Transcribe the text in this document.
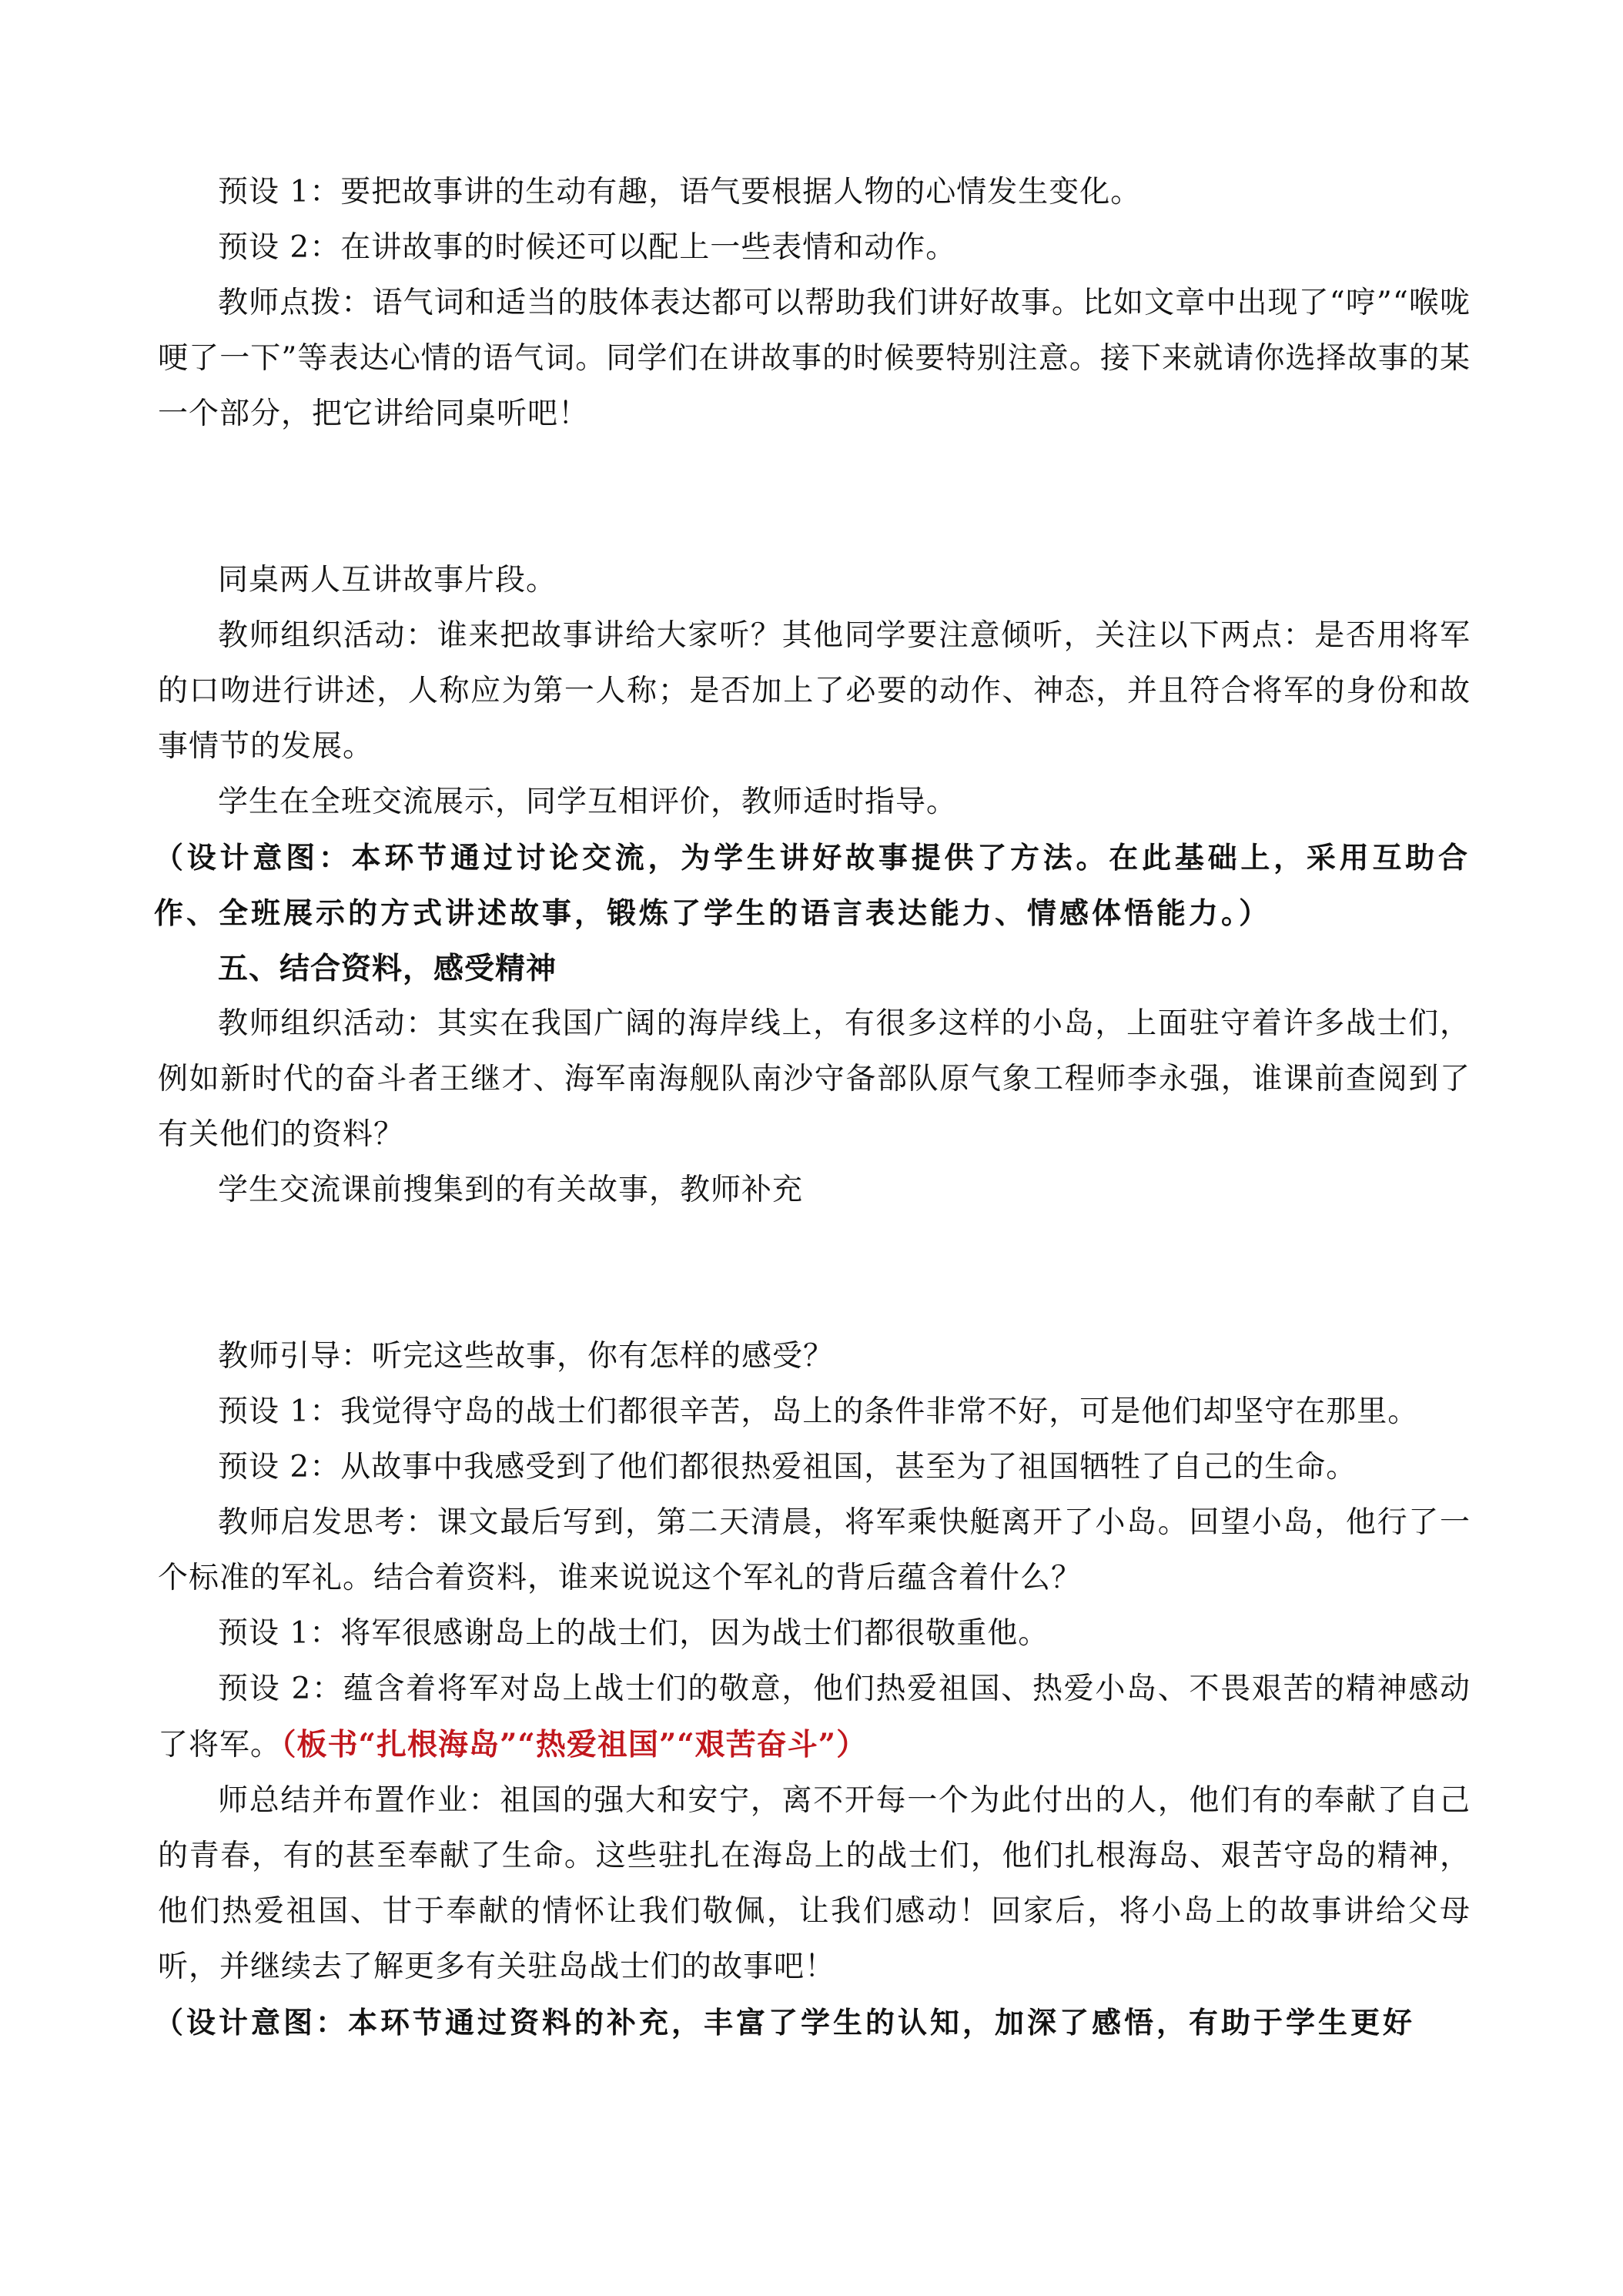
预设 1：要把故事讲的生动有趣，语气要根据人物的心情发生变化。

预设 2：在讲故事的时候还可以配上一些表情和动作。

教师点拨：语气词和适当的肢体表达都可以帮助我们讲好故事。比如文章中出现了“哼”“喉咙哽了一下”等表达心情的语气词。同学们在讲故事的时候要特别注意。接下来就请你选择故事的某一个部分，把它讲给同桌听吧！

同桌两人互讲故事片段。

教师组织活动：谁来把故事讲给大家听？其他同学要注意倾听，关注以下两点：是否用将军的口吻进行讲述，人称应为第一人称；是否加上了必要的动作、神态，并且符合将军的身份和故事情节的发展。

学生在全班交流展示，同学互相评价，教师适时指导。

（设计意图：本环节通过讨论交流，为学生讲好故事提供了方法。在此基础上，采用互助合作、全班展示的方式讲述故事，锻炼了学生的语言表达能力、情感体悟能力。）

五、结合资料，感受精神

教师组织活动：其实在我国广阔的海岸线上，有很多这样的小岛，上面驻守着许多战士们，例如新时代的奋斗者王继才、海军南海舰队南沙守备部队原气象工程师李永强，谁课前查阅到了有关他们的资料？

学生交流课前搜集到的有关故事，教师补充

教师引导：听完这些故事，你有怎样的感受？

预设 1：我觉得守岛的战士们都很辛苦，岛上的条件非常不好，可是他们却坚守在那里。

预设 2：从故事中我感受到了他们都很热爱祖国，甚至为了祖国牺牲了自己的生命。

教师启发思考：课文最后写到，第二天清晨，将军乘快艇离开了小岛。回望小岛，他行了一个标准的军礼。结合着资料，谁来说说这个军礼的背后蕴含着什么？

预设 1：将军很感谢岛上的战士们，因为战士们都很敬重他。

预设 2：蕴含着将军对岛上战士们的敬意，他们热爱祖国、热爱小岛、不畏艰苦的精神感动了将军。（板书“扎根海岛”“热爱祖国”“艰苦奋斗”）

师总结并布置作业：祖国的强大和安宁，离不开每一个为此付出的人，他们有的奉献了自己的青春，有的甚至奉献了生命。这些驻扎在海岛上的战士们，他们扎根海岛、艰苦守岛的精神，他们热爱祖国、甘于奉献的情怀让我们敬佩，让我们感动！回家后，将小岛上的故事讲给父母听，并继续去了解更多有关驻岛战士们的故事吧！

（设计意图：本环节通过资料的补充，丰富了学生的认知，加深了感悟，有助于学生更好
